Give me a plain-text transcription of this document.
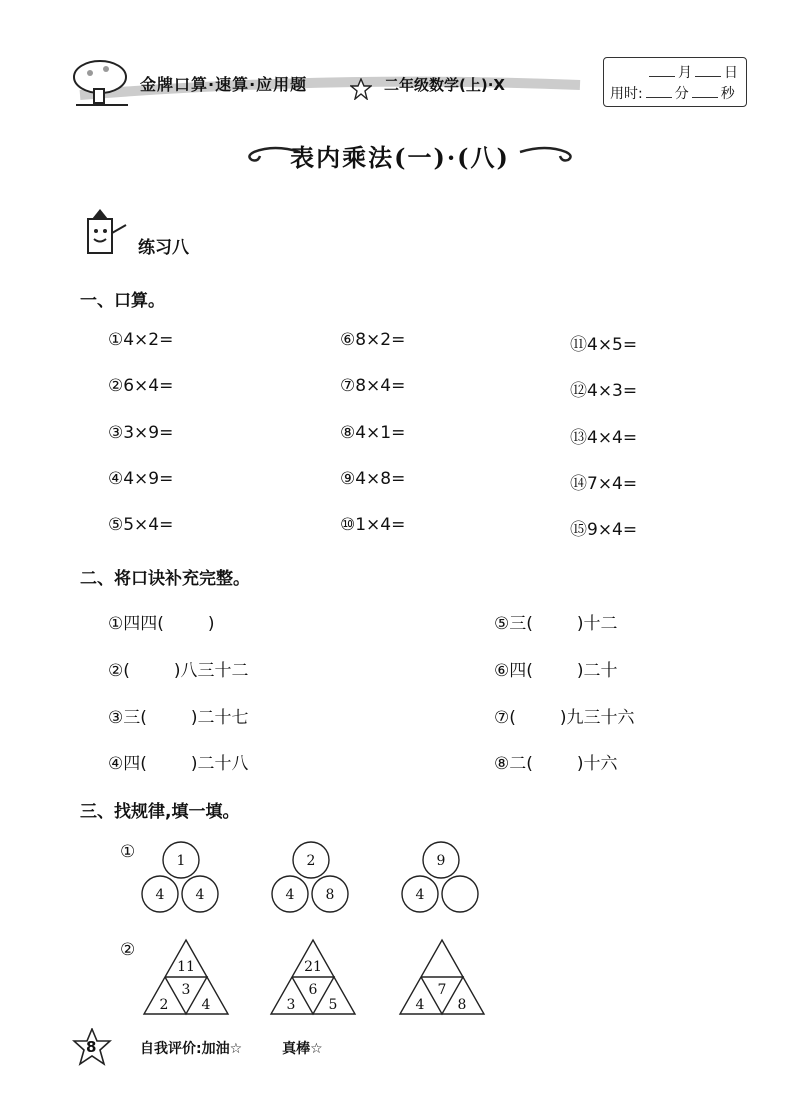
金牌口算·速算·应用题	二年级数学(上)·X
月 日
用时: 分 秒
表内乘法(一)·(八)
练习八
一、口算。
①4×2=
②6×4=
③3×9=
④4×9=
⑤5×4=
⑥8×2=
⑦8×4=
⑧4×1=
⑨4×8=
⑩1×4=
⑪4×5=
⑫4×3=
⑬4×4=
⑭7×4=
⑮9×4=
二、将口诀补充完整。
①四四(	)
②(	)八三十二
③三(	)二十七
④四(	)二十八
⑤三(	)十二
⑥四(	)二十
⑦(	)九三十六
⑧二(	)十六
三、找规律,填一填。
①
②
1
4 4
2
4 8
9
4
11
3
2 4
21
6
3 5
7
4 8
8	自我评价:加油☆	真棒☆
